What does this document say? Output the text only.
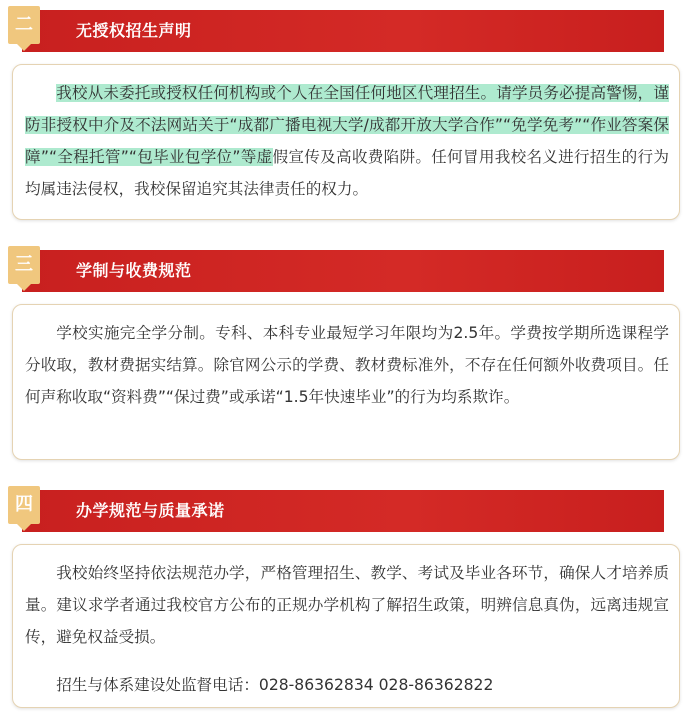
无授权招生声明
二

我校从未委托或授权任何机构或个人在全国任何地区代理招生。请学员务必提高警惕，谨防非授权中介及不法网站关于“成都广播电视大学/成都开放大学合作”“免学免考”“作业答案保障”“全程托管”“包毕业包学位”等虚假宣传及高收费陷阱。任何冒用我校名义进行招生的行为均属违法侵权，我校保留追究其法律责任的权力。

学制与收费规范
三

学校实施完全学分制。专科、本科专业最短学习年限均为2.5年。学费按学期所选课程学分收取，教材费据实结算。除官网公示的学费、教材费标准外，不存在任何额外收费项目。任何声称收取“资料费”“保过费”或承诺“1.5年快速毕业”的行为均系欺诈。

办学规范与质量承诺
四

我校始终坚持依法规范办学，严格管理招生、教学、考试及毕业各环节，确保人才培养质量。建议求学者通过我校官方公布的正规办学机构了解招生政策，明辨信息真伪，远离违规宣传，避免权益受损。

招生与体系建设处监督电话：028-86362834 028-86362822
